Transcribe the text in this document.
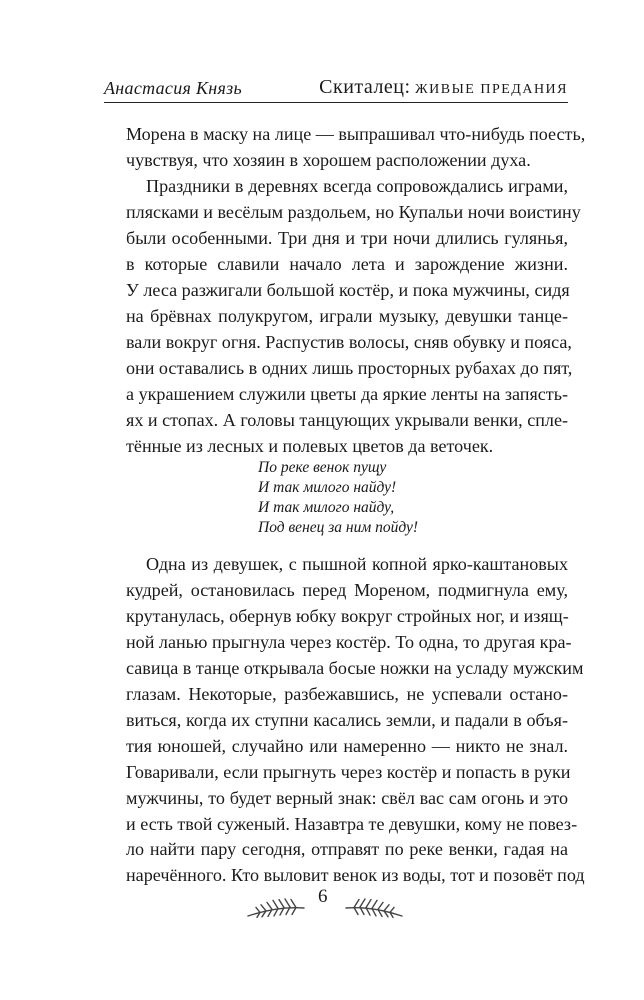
Анастасия Князь	Скиталец: ЖИВЫЕ ПРЕДАНИЯ
Морена в маску на лице — выпрашивал что-нибудь поесть,
чувствуя, что хозяин в хорошем расположении духа.
Праздники в деревнях всегда сопровождались играми,
плясками и весёлым раздольем, но Купальи ночи воистину
были особенными. Три дня и три ночи длились гулянья,
в которые славили начало лета и зарождение жизни.
У леса разжигали большой костёр, и пока мужчины, сидя
на брёвнах полукругом, играли музыку, девушки танце-
вали вокруг огня. Распустив волосы, сняв обувку и пояса,
они оставались в одних лишь просторных рубахах до пят,
а украшением служили цветы да яркие ленты на запясть-
ях и стопах. А головы танцующих укрывали венки, спле-
тённые из лесных и полевых цветов да веточек.
По реке венок пущу
И так милого найду!
И так милого найду,
Под венец за ним пойду!
Одна из девушек, с пышной копной ярко-каштановых
кудрей, остановилась перед Мореном, подмигнула ему,
крутанулась, обернув юбку вокруг стройных ног, и изящ-
ной ланью прыгнула через костёр. То одна, то другая кра-
савица в танце открывала босые ножки на усладу мужским
глазам. Некоторые, разбежавшись, не успевали остано-
виться, когда их ступни касались земли, и падали в объя-
тия юношей, случайно или намеренно — никто не знал.
Говаривали, если прыгнуть через костёр и попасть в руки
мужчины, то будет верный знак: свёл вас сам огонь и это
и есть твой суженый. Назавтра те девушки, кому не повез-
ло найти пару сегодня, отправят по реке венки, гадая на
наречённого. Кто выловит венок из воды, тот и позовёт под
6
